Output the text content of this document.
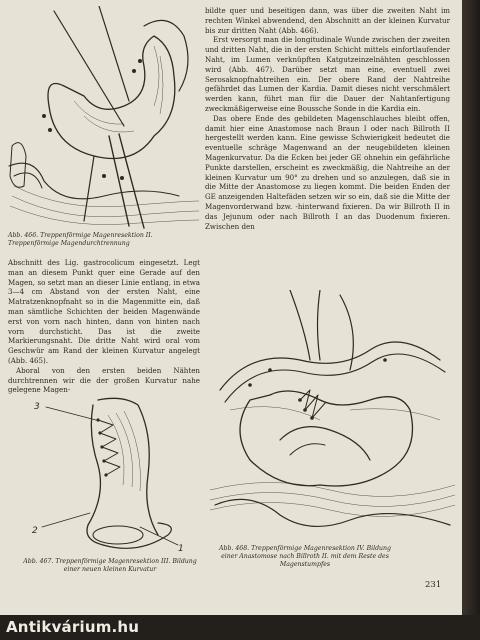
Abb. 466. Treppenförmige Magenresektion II. Treppenförmige Magendurchtrennung

bildte quer und beseitigen dann, was über die zweiten Naht im rechten Winkel abwendend, den Abschnitt an der kleinen Kurvatur bis zur dritten Naht (Abb. 466).

Erst versorgt man die longitudinale Wunde zwischen der zweiten und dritten Naht, die in der ersten Schicht mittels einfortlaufender Naht, im Lumen verknüpften Katgutzeinzelnähten geschlossen wird (Abb. 467). Darüber setzt man eine, eventuell zwei Serosaknopfnahtreihen ein. Der obere Rand der Nahtreihe gefährdet das Lumen der Kardia. Damit dieses nicht verschmälert werden kann, führt man für die Dauer der Nahtanfertigung zweckmäßigerweise eine Boussche Sonde in die Kardia ein.

Das obere Ende des gebildeten Magenschlauches bleibt offen, damit hier eine Anastomose nach Braun I oder nach Billroth II hergestellt werden kann. Eine gewisse Schwierigkeit bedeutet die eventuelle schräge Magenwand an der neugebildeten kleinen Magenkurvatur. Da die Ecken bei jeder GE ohnehin ein gefährliche Punkte darstellen, erscheint es zweckmäßig, die Nahtreihe an der kleinen Kurvatur um 90° zu drehen und so anzulegen, daß sie in die Mitte der Anastomose zu liegen kommt. Die beiden Enden der GE anzeigenden Haltefäden setzen wir so ein, daß sie die Mitte der Magenvorderwand bzw. -hinterwand fixieren. Da wir Billroth II in das Jejunum oder nach Billroth I an das Duodenum fixieren. Zwischen den

Abschnitt des Lig. gastrocolicum eingesetzt. Legt man an diesem Punkt quer eine Gerade auf den Magen, so setzt man an dieser Linie entlang, in etwa 3—4 cm Abstand von der ersten Naht, eine Matratzenknopfnaht so in die Magenmitte ein, daß man sämtliche Schichten der beiden Magenwände erst von vorn nach hinten, dann von hinten nach vorn durchsticht. Das ist die zweite Markierungsnaht. Die dritte Naht wird oral vom Geschwür am Rand der kleinen Kurvatur angelegt (Abb. 465).

Aboral von den ersten beiden Nähten durchtrennen wir die der großen Kurvatur nahe gelegene Magen-

3
2
1
Abb. 467. Treppenförmige Magenresektion III. Bildung einer neuen kleinen Kurvatur
Abb. 468. Treppenförmige Magenresektion IV. Bildung einer Anastomose nach Billroth II. mit dem Reste des Magenstumpfes
231
Antikvárium.hu
